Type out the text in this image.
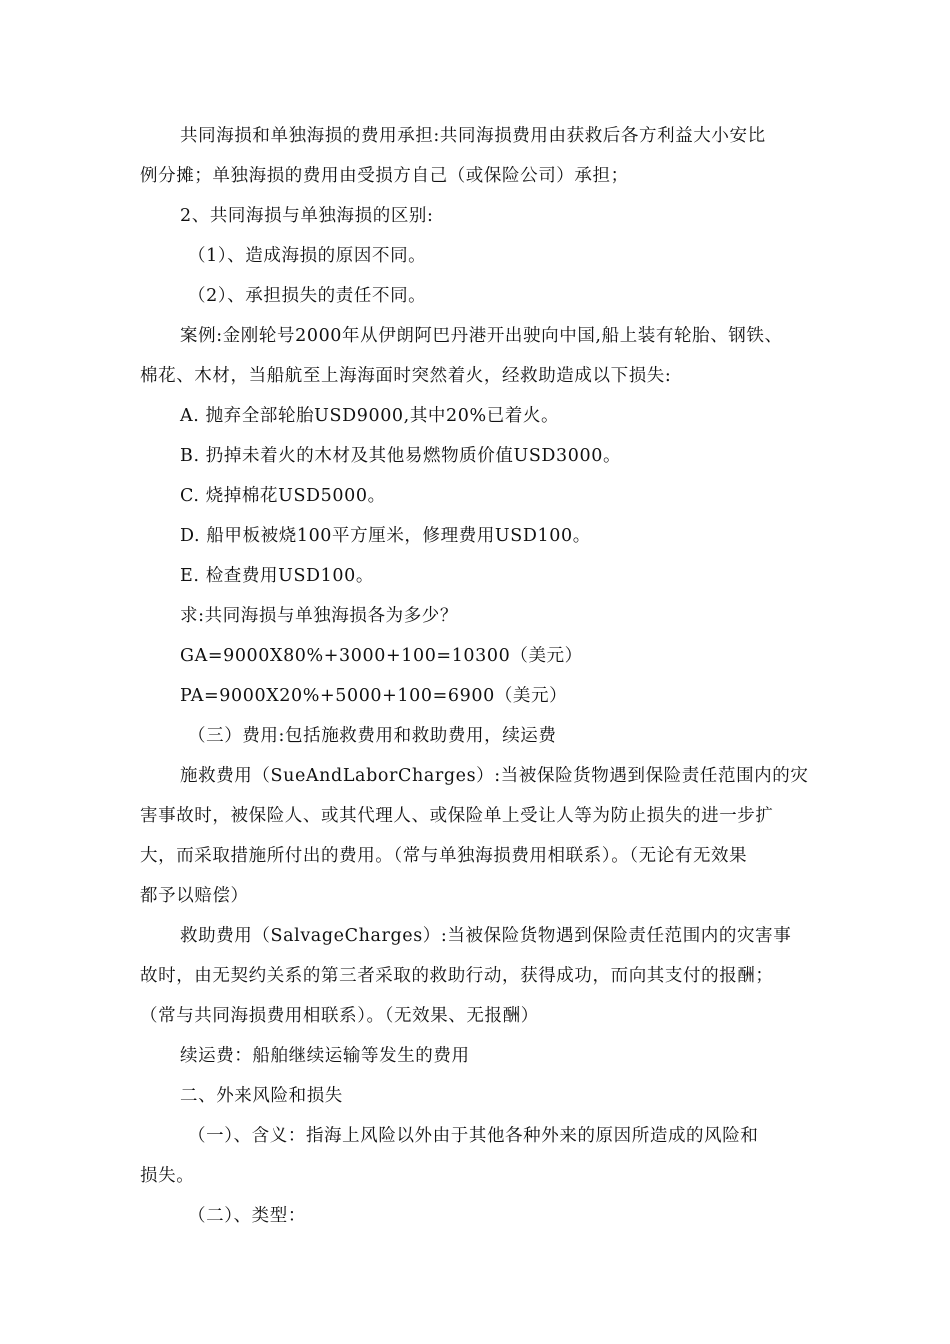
共同海损和单独海损的费用承担:共同海损费用由获救后各方利益大小安比
例分摊；单独海损的费用由受损方自己（或保险公司）承担；
2、共同海损与单独海损的区别:
（1）、造成海损的原因不同。
（2）、承担损失的责任不同。
案例:金刚轮号2000年从伊朗阿巴丹港开出驶向中国,船上装有轮胎、钢铁、
棉花、木材，当船航至上海海面时突然着火，经救助造成以下损失:
A. 抛弃全部轮胎USD9000,其中20%已着火。
B. 扔掉未着火的木材及其他易燃物质价值USD3000。
C. 烧掉棉花USD5000。
D. 船甲板被烧100平方厘米，修理费用USD100。
E. 检查费用USD100。
求:共同海损与单独海损各为多少？
GA=9000X80%+3000+100=10300（美元）
PA=9000X20%+5000+100=6900（美元）
（三）费用:包括施救费用和救助费用，续运费
施救费用（SueAndLaborCharges）:当被保险货物遇到保险责任范围内的灾
害事故时，被保险人、或其代理人、或保险单上受让人等为防止损失的进一步扩
大，而采取措施所付出的费用。（常与单独海损费用相联系）。（无论有无效果
都予以赔偿）
救助费用（SalvageCharges）:当被保险货物遇到保险责任范围内的灾害事
故时，由无契约关系的第三者采取的救助行动，获得成功，而向其支付的报酬；
（常与共同海损费用相联系）。（无效果、无报酬）
续运费：船舶继续运输等发生的费用
二、外来风险和损失
（一）、含义：指海上风险以外由于其他各种外来的原因所造成的风险和
损失。
（二）、类型：
